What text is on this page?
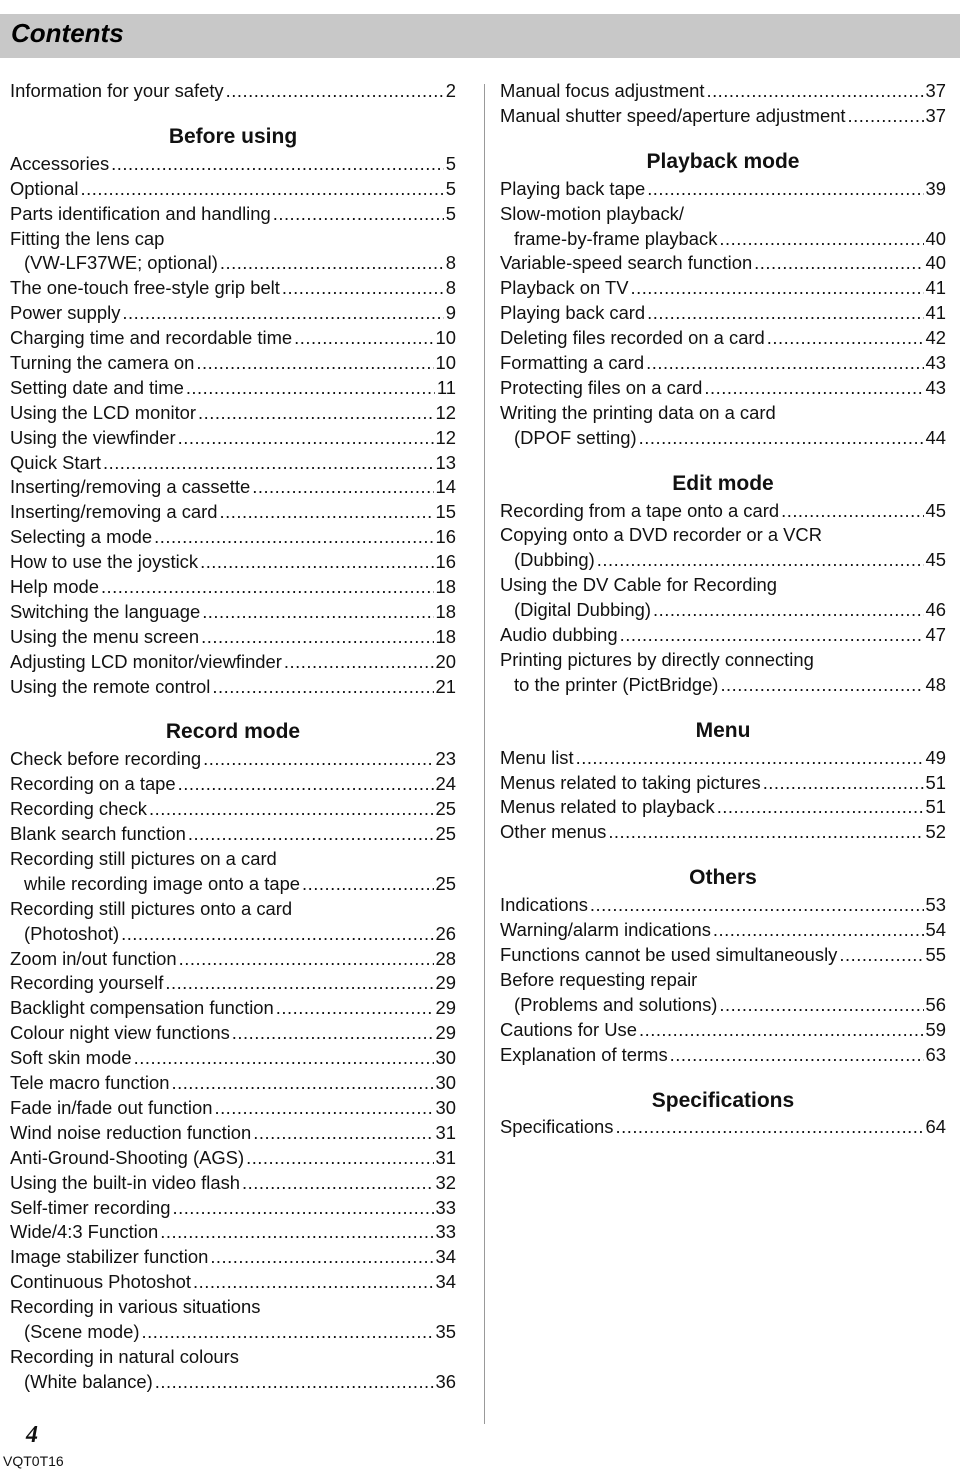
Contents
Information for your safety .....	2
Before using
Accessories .....	5
Optional .....	5
Parts identification and handling .....	5
Fitting the lens cap
(VW-LF37WE; optional) .....	8
The one-touch free-style grip belt .....	8
Power supply .....	9
Charging time and recordable time .....	10
Turning the camera on .....	10
Setting date and time .....	11
Using the LCD monitor .....	12
Using the viewfinder .....	12
Quick Start .....	13
Inserting/removing a cassette .....	14
Inserting/removing a card .....	15
Selecting a mode .....	16
How to use the joystick .....	16
Help mode .....	18
Switching the language .....	18
Using the menu screen .....	18
Adjusting LCD monitor/viewfinder .....	20
Using the remote control .....	21
Record mode
Check before recording .....	23
Recording on a tape .....	24
Recording check .....	25
Blank search function .....	25
Recording still pictures on a card
while recording image onto a tape .....	25
Recording still pictures onto a card
(Photoshot) .....	26
Zoom in/out function .....	28
Recording yourself .....	29
Backlight compensation function .....	29
Colour night view functions .....	29
Soft skin mode .....	30
Tele macro function .....	30
Fade in/fade out function .....	30
Wind noise reduction function .....	31
Anti-Ground-Shooting (AGS) .....	31
Using the built-in video flash .....	32
Self-timer recording .....	33
Wide/4:3 Function .....	33
Image stabilizer function .....	34
Continuous Photoshot .....	34
Recording in various situations
(Scene mode) .....	35
Recording in natural colours
(White balance) .....	36
Manual focus adjustment .....	37
Manual shutter speed/aperture adjustment .....	37
Playback mode
Playing back tape .....	39
Slow-motion playback/
frame-by-frame playback .....	40
Variable-speed search function .....	40
Playback on TV .....	41
Playing back card .....	41
Deleting files recorded on a card .....	42
Formatting a card .....	43
Protecting files on a card .....	43
Writing the printing data on a card
(DPOF setting) .....	44
Edit mode
Recording from a tape onto a card .....	45
Copying onto a DVD recorder or a VCR
(Dubbing) .....	45
Using the DV Cable for Recording
(Digital Dubbing) .....	46
Audio dubbing .....	47
Printing pictures by directly connecting
to the printer (PictBridge) .....	48
Menu
Menu list .....	49
Menus related to taking pictures .....	51
Menus related to playback .....	51
Other menus .....	52
Others
Indications .....	53
Warning/alarm indications .....	54
Functions cannot be used simultaneously .....	55
Before requesting repair
(Problems and solutions) .....	56
Cautions for Use .....	59
Explanation of terms .....	63
Specifications
Specifications .....	64
4
VQT0T16
